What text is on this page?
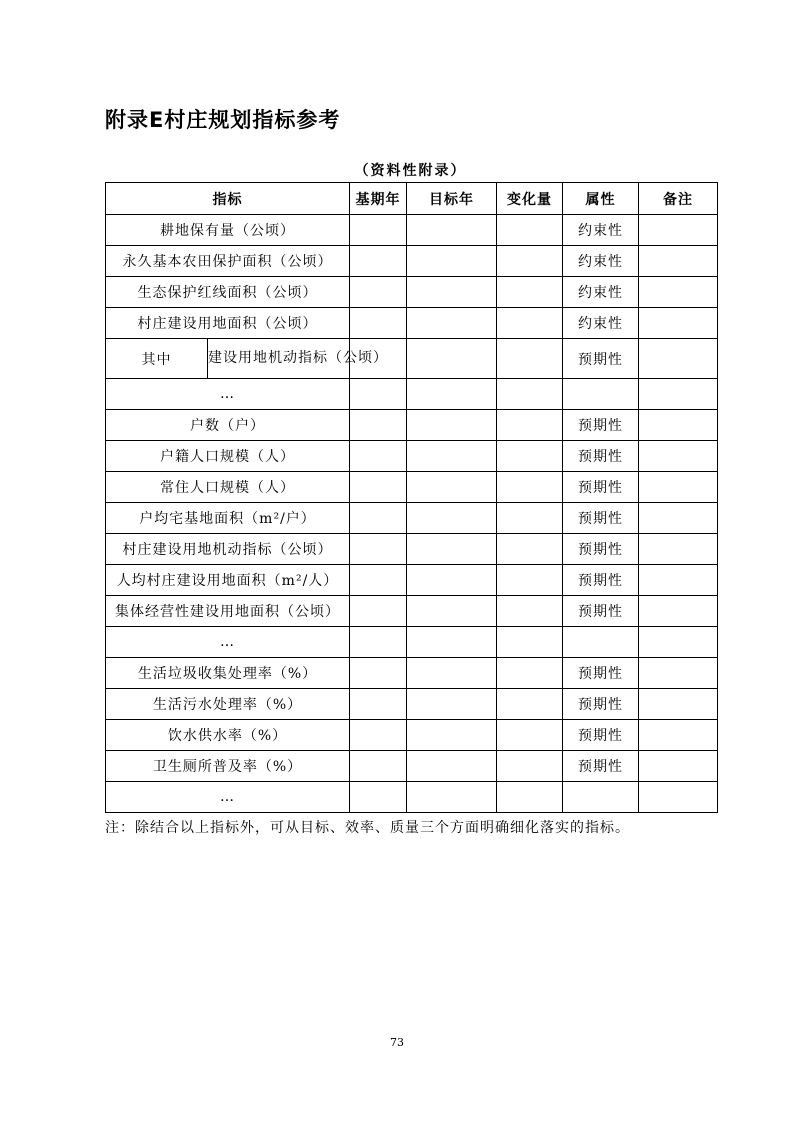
附录E村庄规划指标参考
（资料性附录）
指标		基期年	目标年	变化量	属性	备注
耕地保有量（公顷）					约束性	
永久基本农田保护面积（公顷）					约束性	
生态保护红线面积（公顷）					约束性	
村庄建设用地面积（公顷）					约束性	
其中	建设用地机动指标（公顷）				预期性	
…						
户数（户）					预期性	
户籍人口规模（人）					预期性	
常住人口规模（人）					预期性	
户均宅基地面积（m²/户）					预期性	
村庄建设用地机动指标（公顷）					预期性	
人均村庄建设用地面积（m²/人）					预期性	
集体经营性建设用地面积（公顷）					预期性	
…						
生活垃圾收集处理率（%）					预期性	
生活污水处理率（%）					预期性	
饮水供水率（%）					预期性	
卫生厕所普及率（%）					预期性	
…						
注：除结合以上指标外，可从目标、效率、质量三个方面明确细化落实的指标。
73
